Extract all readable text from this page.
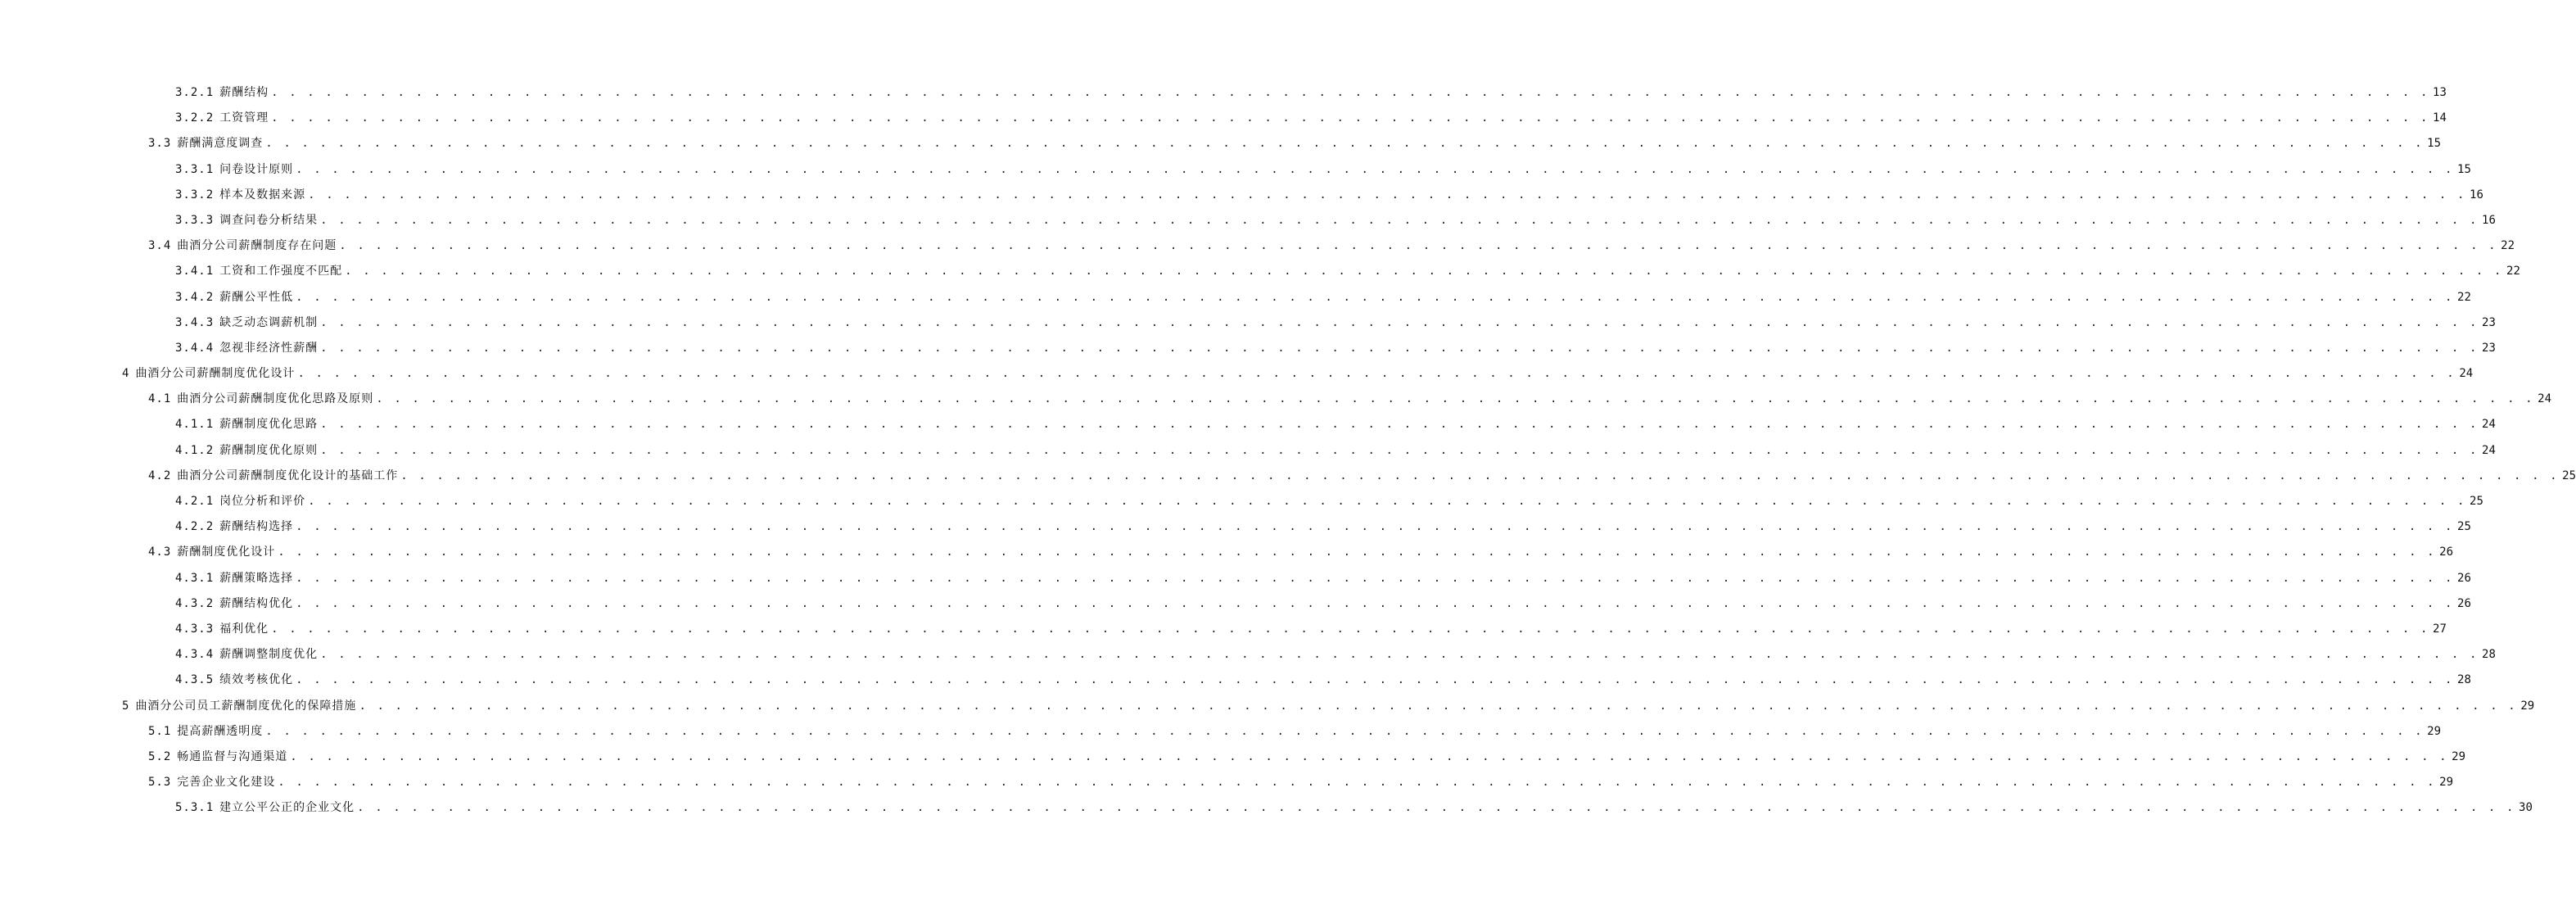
3.2.1 薪酬结构 . . . . . . . . . . . . . . . . . . . . . . . . . . . . . . . . . . . . . . . . . . . . . . . . . . . . . . . . . . . . . . . . . . . . . . . . . . . . . . . . . . . . . . . . . . . . . . . . . . . . . . . . . . . . . . . . . . . . . . . . 13
3.2.2 工资管理 . . . . . . . . . . . . . . . . . . . . . . . . . . . . . . . . . . . . . . . . . . . . . . . . . . . . . . . . . . . . . . . . . . . . . . . . . . . . . . . . . . . . . . . . . . . . . . . . . . . . . . . . . . . . . . . . . . . . . . . . 14
3.3 薪酬满意度调查 . . . . . . . . . . . . . . . . . . . . . . . . . . . . . . . . . . . . . . . . . . . . . . . . . . . . . . . . . . . . . . . . . . . . . . . . . . . . . . . . . . . . . . . . . . . . . . . . . . . . . . . . . . . . . . . . . . . . . . . . 15
3.3.1 问卷设计原则 . . . . . . . . . . . . . . . . . . . . . . . . . . . . . . . . . . . . . . . . . . . . . . . . . . . . . . . . . . . . . . . . . . . . . . . . . . . . . . . . . . . . . . . . . . . . . . . . . . . . . . . . . . . . . . . . . . . . . . . . 15
3.3.2 样本及数据来源 . . . . . . . . . . . . . . . . . . . . . . . . . . . . . . . . . . . . . . . . . . . . . . . . . . . . . . . . . . . . . . . . . . . . . . . . . . . . . . . . . . . . . . . . . . . . . . . . . . . . . . . . . . . . . . . . . . . . . . . . 16
3.3.3 调查问卷分析结果 . . . . . . . . . . . . . . . . . . . . . . . . . . . . . . . . . . . . . . . . . . . . . . . . . . . . . . . . . . . . . . . . . . . . . . . . . . . . . . . . . . . . . . . . . . . . . . . . . . . . . . . . . . . . . . . . . . . . . . . . 16
3.4 曲酒分公司薪酬制度存在问题 . . . . . . . . . . . . . . . . . . . . . . . . . . . . . . . . . . . . . . . . . . . . . . . . . . . . . . . . . . . . . . . . . . . . . . . . . . . . . . . . . . . . . . . . . . . . . . . . . . . . . . . . . . . . . . . . . . . . . . . . 22
3.4.1 工资和工作强度不匹配 . . . . . . . . . . . . . . . . . . . . . . . . . . . . . . . . . . . . . . . . . . . . . . . . . . . . . . . . . . . . . . . . . . . . . . . . . . . . . . . . . . . . . . . . . . . . . . . . . . . . . . . . . . . . . . . . . . . . . . . . 22
3.4.2 薪酬公平性低 . . . . . . . . . . . . . . . . . . . . . . . . . . . . . . . . . . . . . . . . . . . . . . . . . . . . . . . . . . . . . . . . . . . . . . . . . . . . . . . . . . . . . . . . . . . . . . . . . . . . . . . . . . . . . . . . . . . . . . . . 22
3.4.3 缺乏动态调薪机制 . . . . . . . . . . . . . . . . . . . . . . . . . . . . . . . . . . . . . . . . . . . . . . . . . . . . . . . . . . . . . . . . . . . . . . . . . . . . . . . . . . . . . . . . . . . . . . . . . . . . . . . . . . . . . . . . . . . . . . . . 23
3.4.4 忽视非经济性薪酬 . . . . . . . . . . . . . . . . . . . . . . . . . . . . . . . . . . . . . . . . . . . . . . . . . . . . . . . . . . . . . . . . . . . . . . . . . . . . . . . . . . . . . . . . . . . . . . . . . . . . . . . . . . . . . . . . . . . . . . . . 23
4 曲酒分公司薪酬制度优化设计 . . . . . . . . . . . . . . . . . . . . . . . . . . . . . . . . . . . . . . . . . . . . . . . . . . . . . . . . . . . . . . . . . . . . . . . . . . . . . . . . . . . . . . . . . . . . . . . . . . . . . . . . . . . . . . . . . . . . . . . . 24
4.1 曲酒分公司薪酬制度优化思路及原则 . . . . . . . . . . . . . . . . . . . . . . . . . . . . . . . . . . . . . . . . . . . . . . . . . . . . . . . . . . . . . . . . . . . . . . . . . . . . . . . . . . . . . . . . . . . . . . . . . . . . . . . . . . . . . . . . . . . . . . . . 24
4.1.1 薪酬制度优化思路 . . . . . . . . . . . . . . . . . . . . . . . . . . . . . . . . . . . . . . . . . . . . . . . . . . . . . . . . . . . . . . . . . . . . . . . . . . . . . . . . . . . . . . . . . . . . . . . . . . . . . . . . . . . . . . . . . . . . . . . . 24
4.1.2 薪酬制度优化原则 . . . . . . . . . . . . . . . . . . . . . . . . . . . . . . . . . . . . . . . . . . . . . . . . . . . . . . . . . . . . . . . . . . . . . . . . . . . . . . . . . . . . . . . . . . . . . . . . . . . . . . . . . . . . . . . . . . . . . . . . 24
4.2 曲酒分公司薪酬制度优化设计的基础工作 . . . . . . . . . . . . . . . . . . . . . . . . . . . . . . . . . . . . . . . . . . . . . . . . . . . . . . . . . . . . . . . . . . . . . . . . . . . . . . . . . . . . . . . . . . . . . . . . . . . . . . . . . . . . . . . . . . . . . . . . 25
4.2.1 岗位分析和评价 . . . . . . . . . . . . . . . . . . . . . . . . . . . . . . . . . . . . . . . . . . . . . . . . . . . . . . . . . . . . . . . . . . . . . . . . . . . . . . . . . . . . . . . . . . . . . . . . . . . . . . . . . . . . . . . . . . . . . . . . 25
4.2.2 薪酬结构选择 . . . . . . . . . . . . . . . . . . . . . . . . . . . . . . . . . . . . . . . . . . . . . . . . . . . . . . . . . . . . . . . . . . . . . . . . . . . . . . . . . . . . . . . . . . . . . . . . . . . . . . . . . . . . . . . . . . . . . . . . 25
4.3 薪酬制度优化设计 . . . . . . . . . . . . . . . . . . . . . . . . . . . . . . . . . . . . . . . . . . . . . . . . . . . . . . . . . . . . . . . . . . . . . . . . . . . . . . . . . . . . . . . . . . . . . . . . . . . . . . . . . . . . . . . . . . . . . . . . 26
4.3.1 薪酬策略选择 . . . . . . . . . . . . . . . . . . . . . . . . . . . . . . . . . . . . . . . . . . . . . . . . . . . . . . . . . . . . . . . . . . . . . . . . . . . . . . . . . . . . . . . . . . . . . . . . . . . . . . . . . . . . . . . . . . . . . . . . 26
4.3.2 薪酬结构优化 . . . . . . . . . . . . . . . . . . . . . . . . . . . . . . . . . . . . . . . . . . . . . . . . . . . . . . . . . . . . . . . . . . . . . . . . . . . . . . . . . . . . . . . . . . . . . . . . . . . . . . . . . . . . . . . . . . . . . . . . 26
4.3.3 福利优化 . . . . . . . . . . . . . . . . . . . . . . . . . . . . . . . . . . . . . . . . . . . . . . . . . . . . . . . . . . . . . . . . . . . . . . . . . . . . . . . . . . . . . . . . . . . . . . . . . . . . . . . . . . . . . . . . . . . . . . . . 27
4.3.4 薪酬调整制度优化 . . . . . . . . . . . . . . . . . . . . . . . . . . . . . . . . . . . . . . . . . . . . . . . . . . . . . . . . . . . . . . . . . . . . . . . . . . . . . . . . . . . . . . . . . . . . . . . . . . . . . . . . . . . . . . . . . . . . . . . . 28
4.3.5 绩效考核优化 . . . . . . . . . . . . . . . . . . . . . . . . . . . . . . . . . . . . . . . . . . . . . . . . . . . . . . . . . . . . . . . . . . . . . . . . . . . . . . . . . . . . . . . . . . . . . . . . . . . . . . . . . . . . . . . . . . . . . . . . 28
5 曲酒分公司员工薪酬制度优化的保障措施 . . . . . . . . . . . . . . . . . . . . . . . . . . . . . . . . . . . . . . . . . . . . . . . . . . . . . . . . . . . . . . . . . . . . . . . . . . . . . . . . . . . . . . . . . . . . . . . . . . . . . . . . . . . . . . . . . . . . . . . . 29
5.1 提高薪酬透明度 . . . . . . . . . . . . . . . . . . . . . . . . . . . . . . . . . . . . . . . . . . . . . . . . . . . . . . . . . . . . . . . . . . . . . . . . . . . . . . . . . . . . . . . . . . . . . . . . . . . . . . . . . . . . . . . . . . . . . . . . 29
5.2 畅通监督与沟通渠道 . . . . . . . . . . . . . . . . . . . . . . . . . . . . . . . . . . . . . . . . . . . . . . . . . . . . . . . . . . . . . . . . . . . . . . . . . . . . . . . . . . . . . . . . . . . . . . . . . . . . . . . . . . . . . . . . . . . . . . . . 29
5.3 完善企业文化建设 . . . . . . . . . . . . . . . . . . . . . . . . . . . . . . . . . . . . . . . . . . . . . . . . . . . . . . . . . . . . . . . . . . . . . . . . . . . . . . . . . . . . . . . . . . . . . . . . . . . . . . . . . . . . . . . . . . . . . . . . 29
5.3.1 建立公平公正的企业文化 . . . . . . . . . . . . . . . . . . . . . . . . . . . . . . . . . . . . . . . . . . . . . . . . . . . . . . . . . . . . . . . . . . . . . . . . . . . . . . . . . . . . . . . . . . . . . . . . . . . . . . . . . . . . . . . . . . . . . . . . 30
